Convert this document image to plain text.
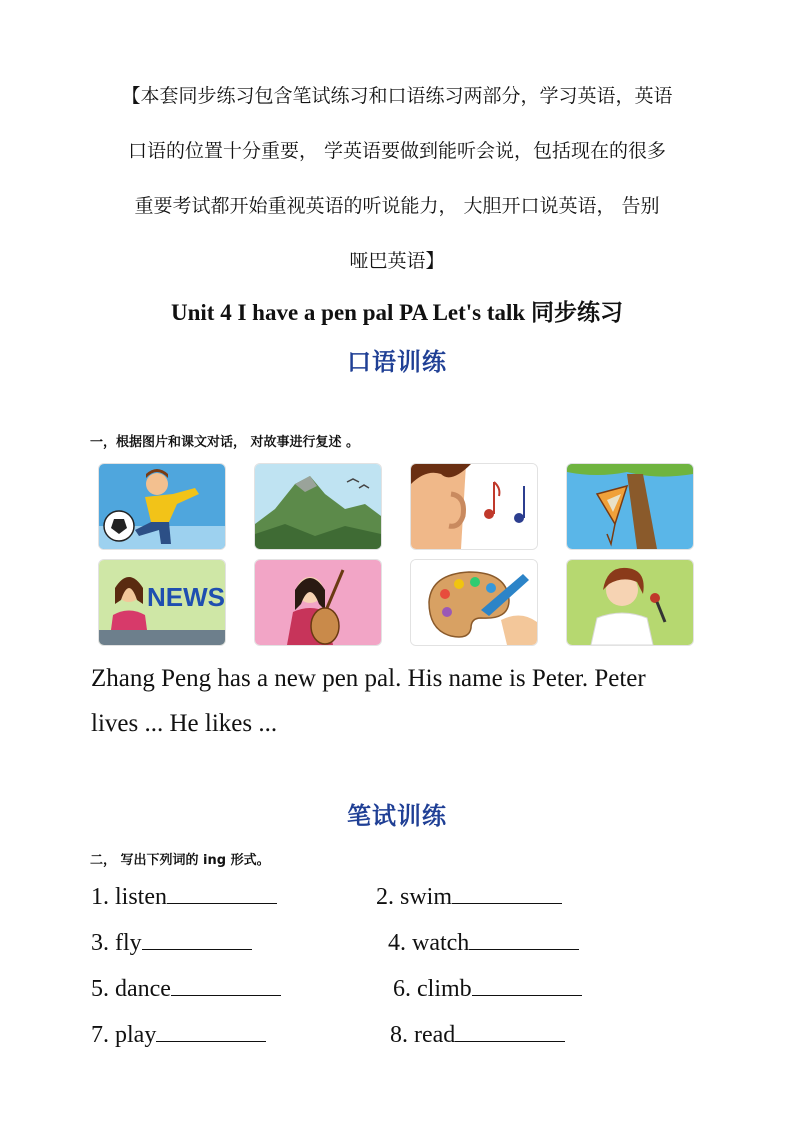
【本套同步练习包含笔试练习和口语练习两部分，学习英语，英语
口语的位置十分重要， 学英语要做到能听会说，包括现在的很多
重要考试都开始重视英语的听说能力， 大胆开口说英语， 告别
哑巴英语】
Unit 4 I have a pen pal PA Let's talk 同步练习
口语训练
一，根据图片和课文对话， 对故事进行复述 。
NEWS
Zhang Peng has a new pen pal. His name is Peter. Peter
lives ... He likes ...
笔试训练
二， 写出下列词的 ing 形式。
1. listen	2. swim
3. fly	4. watch
5. dance	6. climb
7. play	8. read
